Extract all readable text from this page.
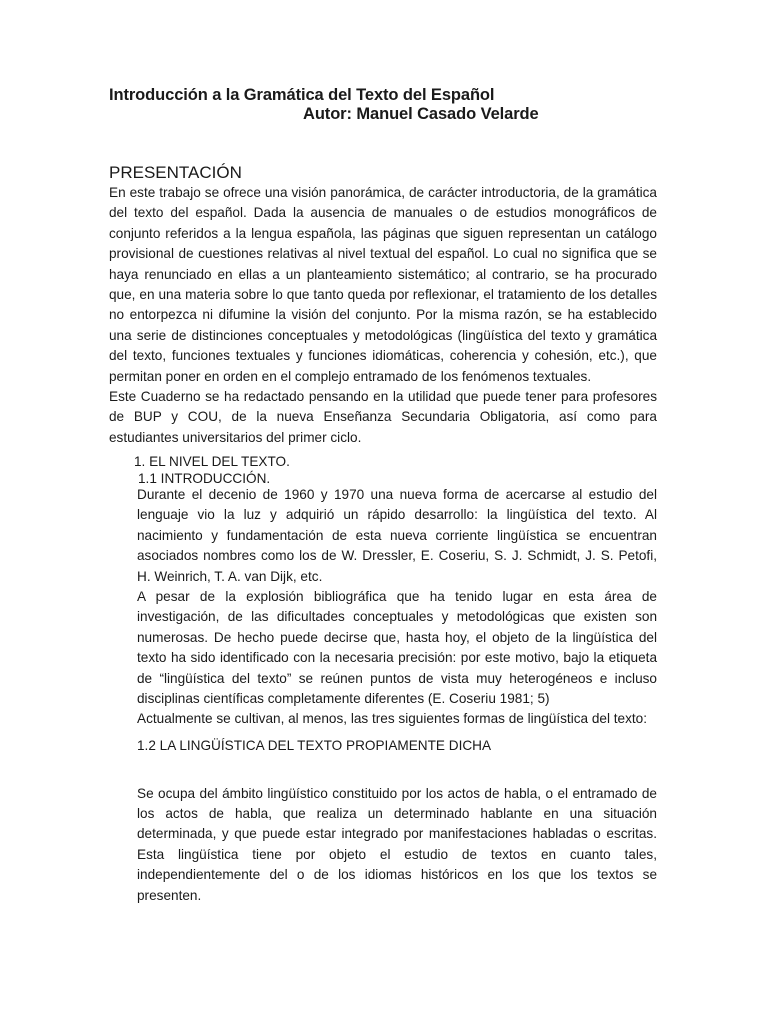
Introducción a la Gramática del Texto del Español
Autor: Manuel Casado Velarde
PRESENTACIÓN

En este trabajo se ofrece una visión panorámica, de carácter introductoria, de la gramática del texto del español. Dada la ausencia de manuales o de estudios monográficos de conjunto referidos a la lengua española, las páginas que siguen representan un catálogo provisional de cuestiones relativas al nivel textual del español. Lo cual no significa que se haya renunciado en ellas a un planteamiento sistemático; al contrario, se ha procurado que, en una materia sobre lo que tanto queda por reflexionar, el tratamiento de los detalles no entorpezca ni difumine la visión del conjunto. Por la misma razón, se ha establecido una serie de distinciones conceptuales y metodológicas (lingüística del texto y gramática del texto, funciones textuales y funciones idiomáticas, coherencia y cohesión, etc.), que permitan poner en orden en el complejo entramado de los fenómenos textuales.

Este Cuaderno se ha redactado pensando en la utilidad que puede tener para profesores de BUP y COU, de la nueva Enseñanza Secundaria Obligatoria, así como para estudiantes universitarios del primer ciclo.

1. EL NIVEL DEL TEXTO.
1.1 INTRODUCCIÓN.

Durante el decenio de 1960 y 1970 una nueva forma de acercarse al estudio del lenguaje vio la luz y adquirió un rápido desarrollo: la lingüística del texto. Al nacimiento y fundamentación de esta nueva corriente lingüística se encuentran asociados nombres como los de W. Dressler, E. Coseriu, S. J. Schmidt, J. S. Petofi, H. Weinrich, T. A. van Dijk, etc.

A pesar de la explosión bibliográfica que ha tenido lugar en esta área de investigación, de las dificultades conceptuales y metodológicas que existen son numerosas. De hecho puede decirse que, hasta hoy, el objeto de la lingüística del texto ha sido identificado con la necesaria precisión: por este motivo, bajo la etiqueta de “lingüística del texto” se reúnen puntos de vista muy heterogéneos e incluso disciplinas científicas completamente diferentes (E. Coseriu 1981; 5)

Actualmente se cultivan, al menos, las tres siguientes formas de lingüística del texto:

1.2 LA LINGÜÍSTICA DEL TEXTO PROPIAMENTE DICHA

Se ocupa del ámbito lingüístico constituido por los actos de habla, o el entramado de los actos de habla, que realiza un determinado hablante en una situación determinada, y que puede estar integrado por manifestaciones habladas o escritas. Esta lingüística tiene por objeto el estudio de textos en cuanto tales, independientemente del o de los idiomas históricos en los que los textos se presenten.
